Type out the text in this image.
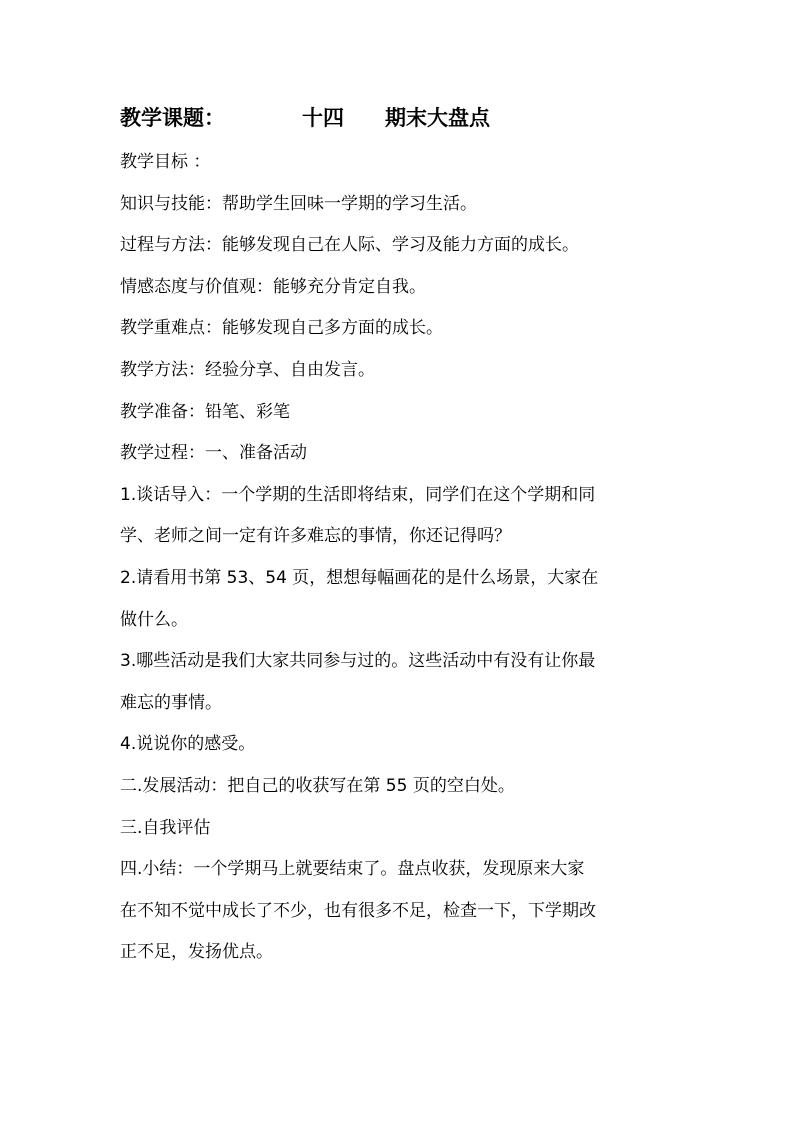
教学课题：	十四 期末大盘点
教学目标 ：
知识与技能：帮助学生回味一学期的学习生活。
过程与方法：能够发现自己在人际、学习及能力方面的成长。
情感态度与价值观：能够充分肯定自我。
教学重难点：能够发现自己多方面的成长。
教学方法：经验分享、自由发言。
教学准备：铅笔、彩笔
教学过程：一、准备活动
1.谈话导入：一个学期的生活即将结束，同学们在这个学期和同
学、老师之间一定有许多难忘的事情，你还记得吗？
2.请看用书第 53、54 页，想想每幅画花的是什么场景，大家在
做什么。
3.哪些活动是我们大家共同参与过的。这些活动中有没有让你最
难忘的事情。
4.说说你的感受。
二.发展活动：把自己的收获写在第 55 页的空白处。
三.自我评估
四.小结：一个学期马上就要结束了。盘点收获，发现原来大家
在不知不觉中成长了不少，也有很多不足，检查一下，下学期改
正不足，发扬优点。
